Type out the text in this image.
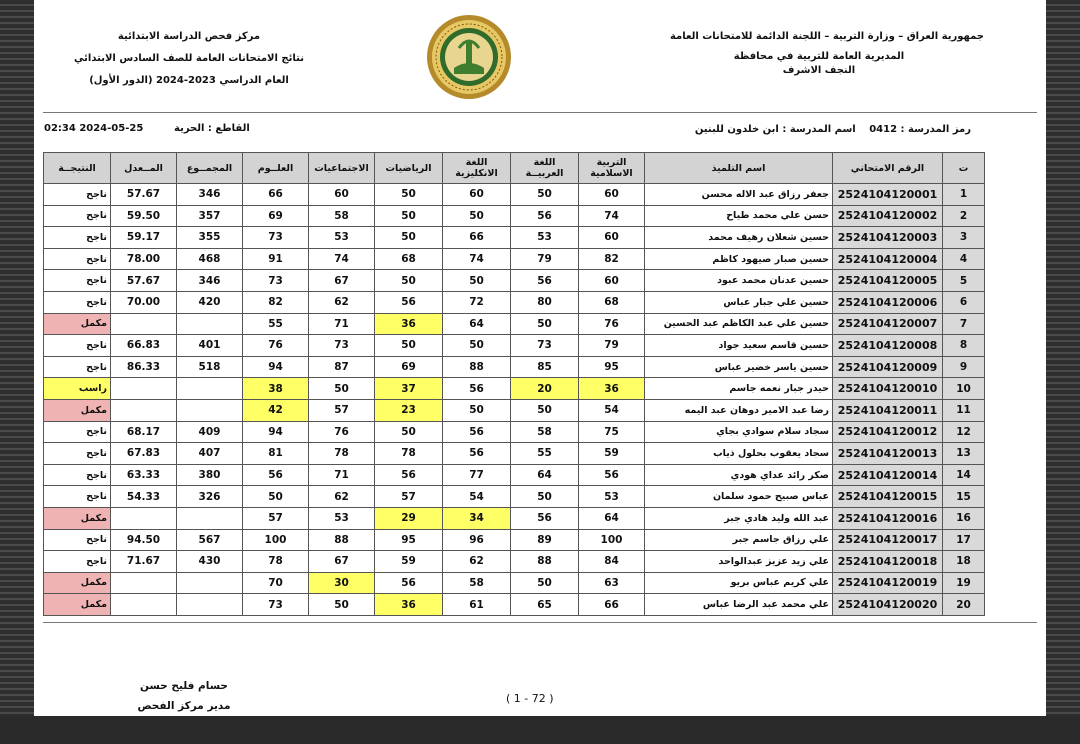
مركز فحص الدراسة الابتدائية
نتائج الامتحانات العامة للصف السادس الابتدائي
العام الدراسي 2023-2024 (الدور الأول)
جمهورية العراق – وزارة التربية – اللجنة الدائمة للامتحانات العامة
المديرية العامة للتربية في محافظة
النجف الاشرف
رمز المدرسة : 0412 اسم المدرسة : ابن خلدون للبنين
02:34 2024-05-25	القاطع : الحرية
ت	الرقم الامتحاني	اسم التلميذ	التربية الاسلامية	اللغة العربيــة	اللغة الانكليزية	الرياضيات	الاجتماعيات	العلــوم	المجمــوع	المــعدل	النتيجــة
1	2524104120001	جعفر رزاق عبد الاله محسن	60	50	60	50	60	66	346	57.67	ناجح
2	2524104120002	حسن علي محمد طياح	74	56	50	50	58	69	357	59.50	ناجح
3	2524104120003	حسين شعلان رهيف محمد	60	53	66	50	53	73	355	59.17	ناجح
4	2524104120004	حسين صبار صيهود كاظم	82	79	74	68	74	91	468	78.00	ناجح
5	2524104120005	حسين عدنان محمد عبود	60	56	50	50	67	73	346	57.67	ناجح
6	2524104120006	حسين علي جبار عباس	68	80	72	56	62	82	420	70.00	ناجح
7	2524104120007	حسين علي عبد الكاظم عبد الحسين	76	50	64	36	71	55			مكمل
8	2524104120008	حسين قاسم سعيد جواد	79	73	50	50	73	76	401	66.83	ناجح
9	2524104120009	حسين ياسر خضير عباس	95	85	88	69	87	94	518	86.33	ناجح
10	2524104120010	حيدر جبار نعمه جاسم	36	20	56	37	50	38			راسب
11	2524104120011	رضا عبد الامير دوهان عبد اليمه	54	50	50	23	57	42			مكمل
12	2524104120012	سجاد سلام سوادي بجاي	75	58	56	50	76	94	409	68.17	ناجح
13	2524104120013	سجاد يعقوب بحلول ذياب	59	55	56	78	78	81	407	67.83	ناجح
14	2524104120014	صكر رائد عداي هودي	56	64	77	56	71	56	380	63.33	ناجح
15	2524104120015	عباس صبيح حمود سلمان	53	50	54	57	62	50	326	54.33	ناجح
16	2524104120016	عبد الله وليد هادي جبر	64	56	34	29	53	57			مكمل
17	2524104120017	علي رزاق جاسم جبر	100	89	96	95	88	100	567	94.50	ناجح
18	2524104120018	علي زيد عزيز عبدالواحد	84	88	62	59	67	78	430	71.67	ناجح
19	2524104120019	علي كريم عباس بريو	63	50	58	56	30	70			مكمل
20	2524104120020	علي محمد عبد الرضا عباس	66	65	61	36	50	73			مكمل
( 1 - 72 )
حسام فليح حسن
مدير مركز الفحص
